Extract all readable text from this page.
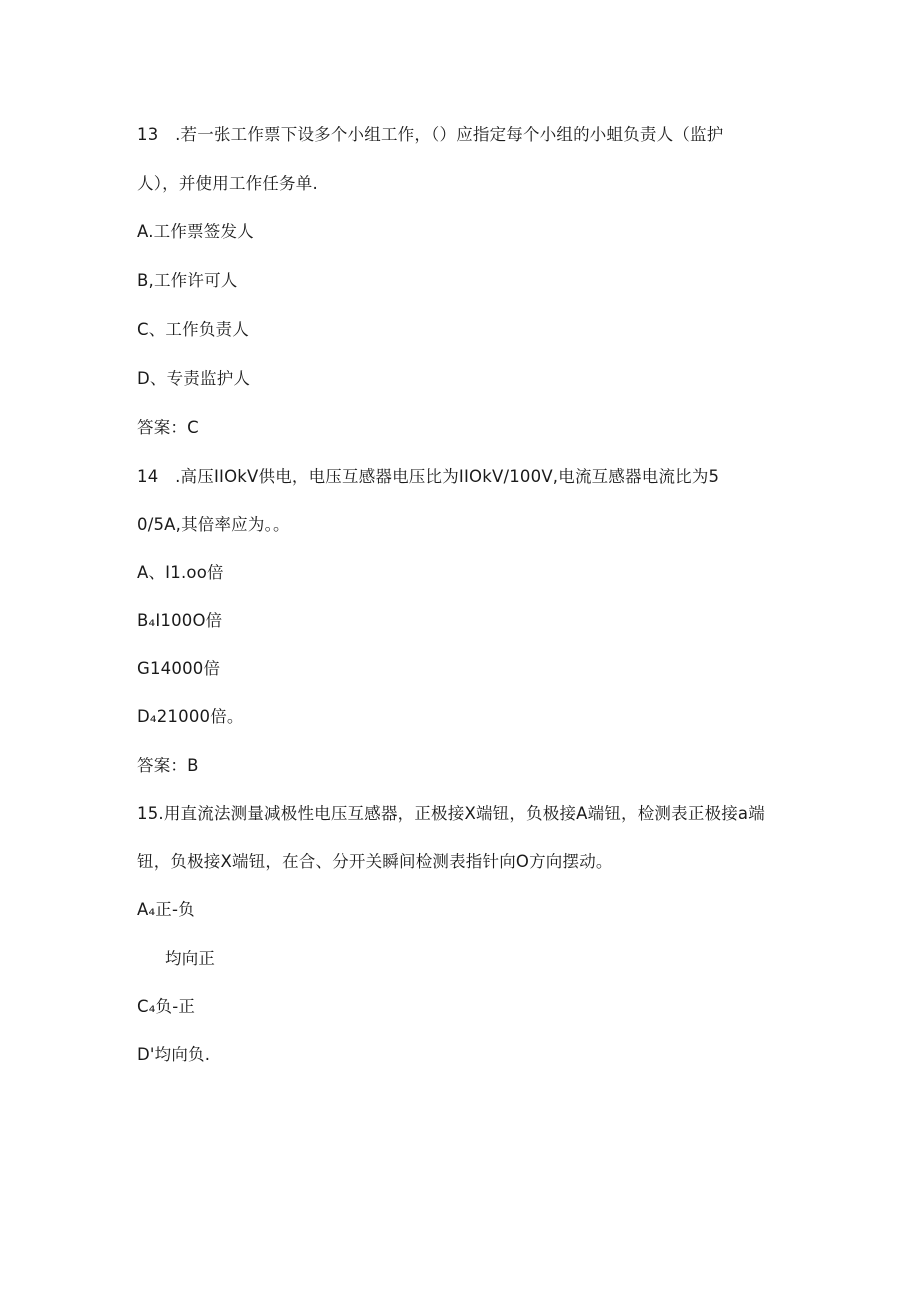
13　.若一张工作票下设多个小组工作，（）应指定每个小组的小蛆负责人（监护
人），并使用工作任务单.
A.工作票签发人
B,工作许可人
C、工作负责人
D、专责监护人
答案：C
14　.高压IIOkV供电，电压互感器电压比为IIOkV/100V,电流互感器电流比为5
0/5A,其倍率应为。。
A、I1.oo倍
B₄I100O倍
G14000倍
D₄21000倍。
答案：B
15.用直流法测量减极性电压互感器，正极接X端钮，负极接A端钮，检测表正极接a端
钮，负极接X端钮，在合、分开关瞬间检测表指针向O方向摆动。
A₄正-负
均向正
C₄负-正
D'均向负.
